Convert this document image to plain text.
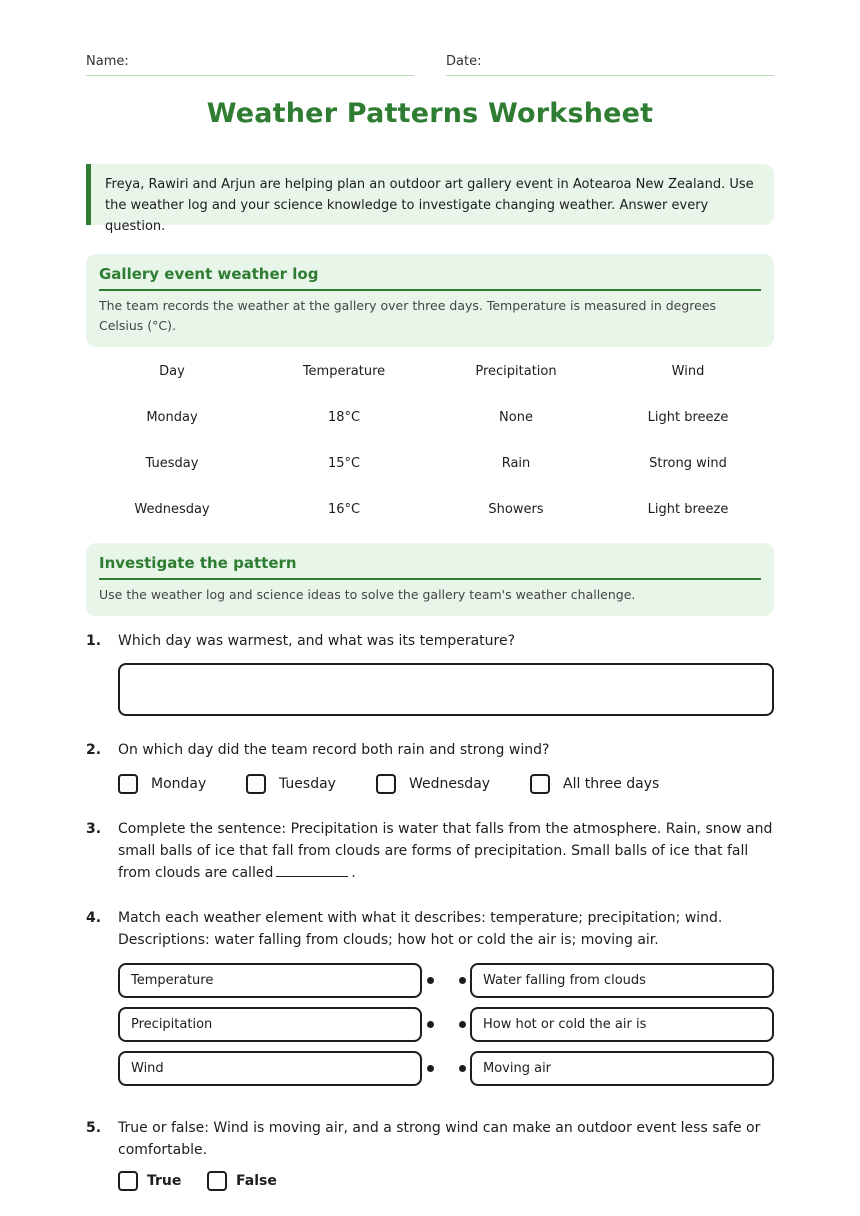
Name:	Date:
Weather Patterns Worksheet
Freya, Rawiri and Arjun are helping plan an outdoor art gallery event in Aotearoa New Zealand. Use the weather log and your science knowledge to investigate changing weather. Answer every question.
Gallery event weather log
The team records the weather at the gallery over three days. Temperature is measured in degrees Celsius (°C).
Day	Temperature	Precipitation	Wind
Monday	18°C	None	Light breeze
Tuesday	15°C	Rain	Strong wind
Wednesday	16°C	Showers	Light breeze
Investigate the pattern
Use the weather log and science ideas to solve the gallery team's weather challenge.
1. Which day was warmest, and what was its temperature?
2. On which day did the team record both rain and strong wind?
Monday	Tuesday	Wednesday	All three days
3. Complete the sentence: Precipitation is water that falls from the atmosphere. Rain, snow and small balls of ice that fall from clouds are forms of precipitation. Small balls of ice that fall from clouds are called	.
4. Match each weather element with what it describes: temperature; precipitation; wind. Descriptions: water falling from clouds; how hot or cold the air is; moving air.
Temperature	Water falling from clouds
Precipitation	How hot or cold the air is
Wind	Moving air
5. True or false: Wind is moving air, and a strong wind can make an outdoor event less safe or comfortable.
True	False
